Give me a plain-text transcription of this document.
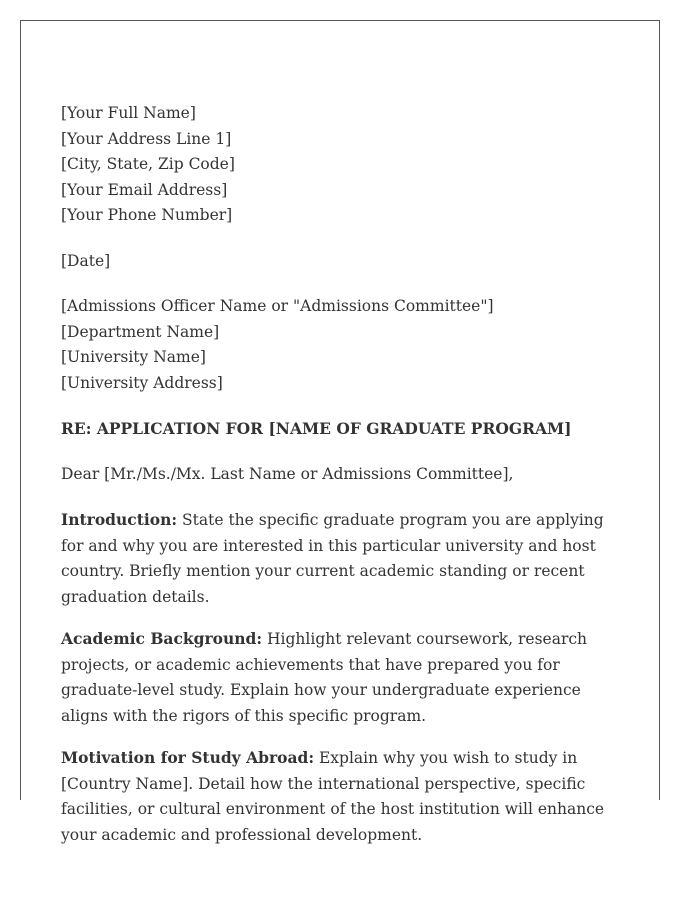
[Your Full Name]
[Your Address Line 1]
[City, State, Zip Code]
[Your Email Address]
[Your Phone Number]
[Date]
[Admissions Officer Name or "Admissions Committee"]
[Department Name]
[University Name]
[University Address]
RE: APPLICATION FOR [NAME OF GRADUATE PROGRAM]
Dear [Mr./Ms./Mx. Last Name or Admissions Committee],

Introduction: State the specific graduate program you are applying for and why you are interested in this particular university and host country. Briefly mention your current academic standing or recent graduation details.

Academic Background: Highlight relevant coursework, research projects, or academic achievements that have prepared you for graduate-level study. Explain how your undergraduate experience aligns with the rigors of this specific program.

Motivation for Study Abroad: Explain why you wish to study in [Country Name]. Detail how the international perspective, specific facilities, or cultural environment of the host institution will enhance your academic and professional development.
